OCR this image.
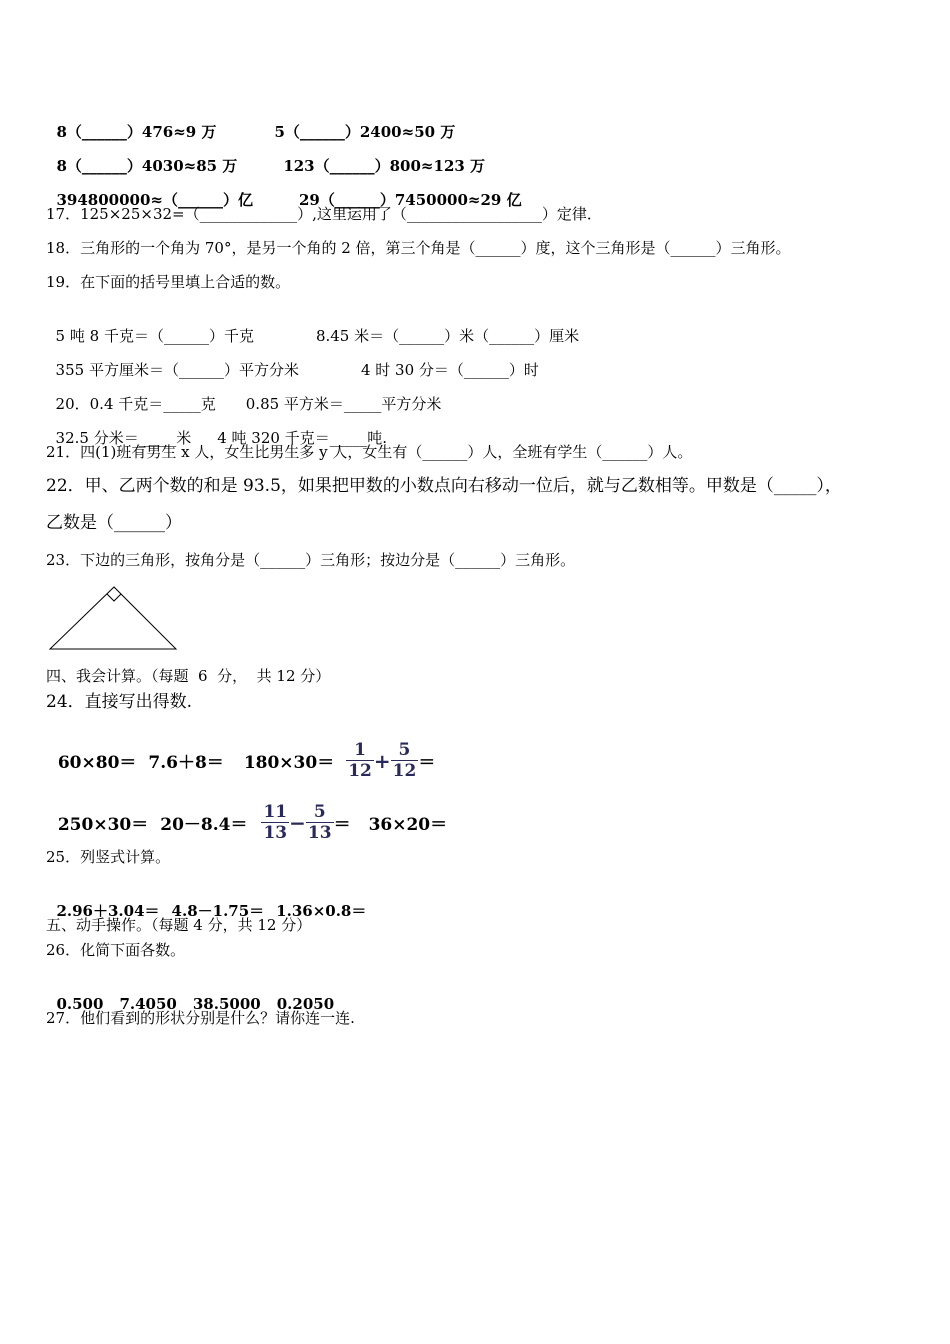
8（______）476≈9 万	5（______）2400≈50 万

8（______）4030≈85 万	123（______）800≈123 万

394800000≈（______）亿	29（______）7450000≈29 亿

17．125×25×32=（_____________）,这里运用了（__________________）定律．
18．三角形的一个角为 70°，是另一个角的 2 倍，第三个角是（______）度，这个三角形是（______）三角形。
19．在下面的括号里填上合适的数。

5 吨 8 千克＝（______）千克	8.45 米＝（______）米（______）厘米

355 平方厘米＝（______）平方分米	4 时 30 分＝（______）时

20．0.4 千克＝_____克 0.85 平方米＝_____平方分米

32.5 分米＝_____米 4 吨 320 千克＝_____吨.

21．四(1)班有男生 x 人，女生比男生多 y 人，女生有（______）人，全班有学生（______）人。
22．甲、乙两个数的和是 93.5，如果把甲数的小数点向右移动一位后，就与乙数相等。甲数是（_____），
乙数是（______）
23．下边的三角形，按角分是（______）三角形；按边分是（______）三角形。
四、我会计算。（每题  6  分，  共 12 分）
24．直接写出得数.

$60\times 80= 7.6+8= 180\times 30= \frac{1}{12} + \frac{5}{12}$ ＝

$250\times 30= 20-8.4= \frac{11}{13} - \frac{5}{13} = 36\times 20=$

25．列竖式计算。

2.96＋3.04＝ 4.8－1.75＝ 1.36×0.8＝

五、动手操作。（每题 4 分，共 12 分）
26．化简下面各数。

0.500 7.4050 38.5000 0.2050

27．他们看到的形状分别是什么？请你连一连.
